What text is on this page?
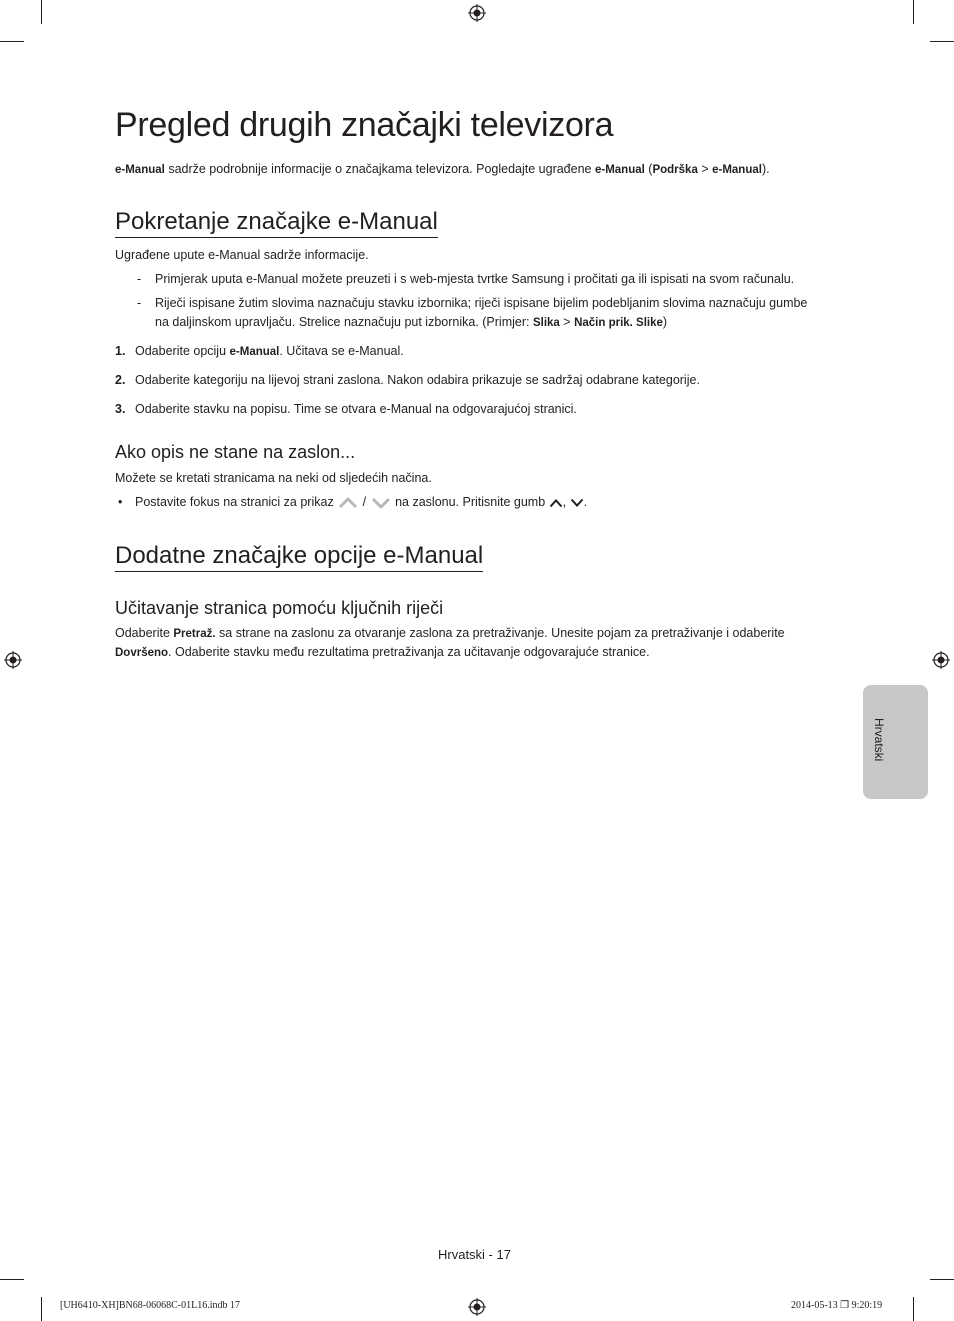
Pregled drugih značajki televizora
e-Manual sadrže podrobnije informacije o značajkama televizora. Pogledajte ugrađene e-Manual (Podrška > e-Manual).
Pokretanje značajke e-Manual
Ugrađene upute e-Manual sadrže informacije.
- Primjerak uputa e-Manual možete preuzeti i s web-mjesta tvrtke Samsung i pročitati ga ili ispisati na svom računalu.
- Riječi ispisane žutim slovima naznačuju stavku izbornika; riječi ispisane bijelim podebljanim slovima naznačuju gumbe
na daljinskom upravljaču. Strelice naznačuju put izbornika. (Primjer: Slika > Način prik. Slike)
1. Odaberite opciju e-Manual. Učitava se e-Manual.
2. Odaberite kategoriju na lijevoj strani zaslona. Nakon odabira prikazuje se sadržaj odabrane kategorije.
3. Odaberite stavku na popisu. Time se otvara e-Manual na odgovarajućoj stranici.
Ako opis ne stane na zaslon...
Možete se kretati stranicama na neki od sljedećih načina.
• Postavite fokus na stranici za prikaz  /  na zaslonu. Pritisnite gumb , .
Dodatne značajke opcije e-Manual
Učitavanje stranica pomoću ključnih riječi
Odaberite Pretraž. sa strane na zaslonu za otvaranje zaslona za pretraživanje. Unesite pojam za pretraživanje i odaberite
Dovršeno. Odaberite stavku među rezultatima pretraživanja za učitavanje odgovarajuće stranice.
Hrvatski
Hrvatski - 17
[UH6410-XH]BN68-06068C-01L16.indb 17	2014-05-13 ❒ 9:20:19
